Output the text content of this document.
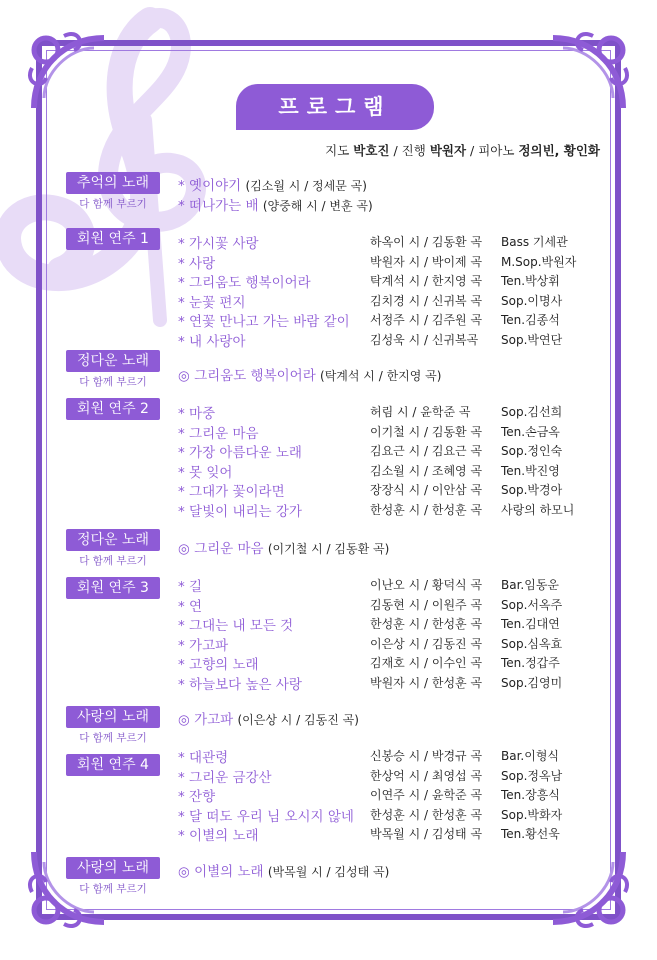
프로그램
지도 박호진 / 진행 박원자 / 피아노 정의빈, 황인화
추억의 노래
다 함께 부르기
* 옛이야기 (김소월 시 / 정세문 곡)
* 떠나가는 배 (양중해 시 / 변훈 곡)
회원 연주 1	* 가시꽃 사랑	하옥이 시 / 김동환 곡 Bass 기세관
* 사랑	박원자 시 / 박이제 곡 M.Sop.박원자
* 그리움도 행복이어라	탁계석 시 / 한지영 곡 Ten.박상휘
* 눈꽃 편지	김치경 시 / 신귀복 곡 Sop.이명사
* 연꽃 만나고 가는 바람 같이 서정주 시 / 김주원 곡 Ten.김종석
* 내 사랑아	김성욱 시 / 신귀복곡 Sop.박연단
정다운 노래
다 함께 부르기	◎ 그리움도 행복이어라 (탁계석 시 / 한지영 곡)
회원 연주 2	* 마중	허림 시 / 윤학준 곡	Sop.김선희
* 그리운 마음	이기철 시 / 김동환 곡 Ten.손금옥
* 가장 아름다운 노래	김요근 시 / 김요근 곡 Sop.정인숙
* 못 잊어	김소월 시 / 조혜영 곡 Ten.박진영
* 그대가 꽃이라면	장장식 시 / 이안삼 곡 Sop.박경아
* 달빛이 내리는 강가	한성훈 시 / 한성훈 곡 사랑의 하모니
정다운 노래
다 함께 부르기
◎ 그리운 마음 (이기철 시 / 김동환 곡)
회원 연주 3	* 길	이난오 시 / 황덕식 곡 Bar.임동운
* 연	김동현 시 / 이원주 곡 Sop.서옥주
* 그대는 내 모든 것	한성훈 시 / 한성훈 곡 Ten.김대연
* 가고파	이은상 시 / 김동진 곡 Sop.심옥효
* 고향의 노래	김재호 시 / 이수인 곡 Ten.정갑주
* 하늘보다 높은 사랑	박원자 시 / 한성훈 곡 Sop.김영미
사랑의 노래
다 함께 부르기
◎ 가고파 (이은상 시 / 김동진 곡)
회원 연주 4	* 대관령	신봉승 시 / 박경규 곡 Bar.이형식
* 그리운 금강산	한상억 시 / 최영섭 곡 Sop.정옥남
* 잔향	이연주 시 / 윤학준 곡 Ten.장흥식
* 달 떠도 우리 님 오시지 않네 한성훈 시 / 한성훈 곡 Sop.박화자
* 이별의 노래	박목월 시 / 김성태 곡 Ten.황선욱
사랑의 노래
다 함께 부르기
◎ 이별의 노래 (박목월 시 / 김성태 곡)
